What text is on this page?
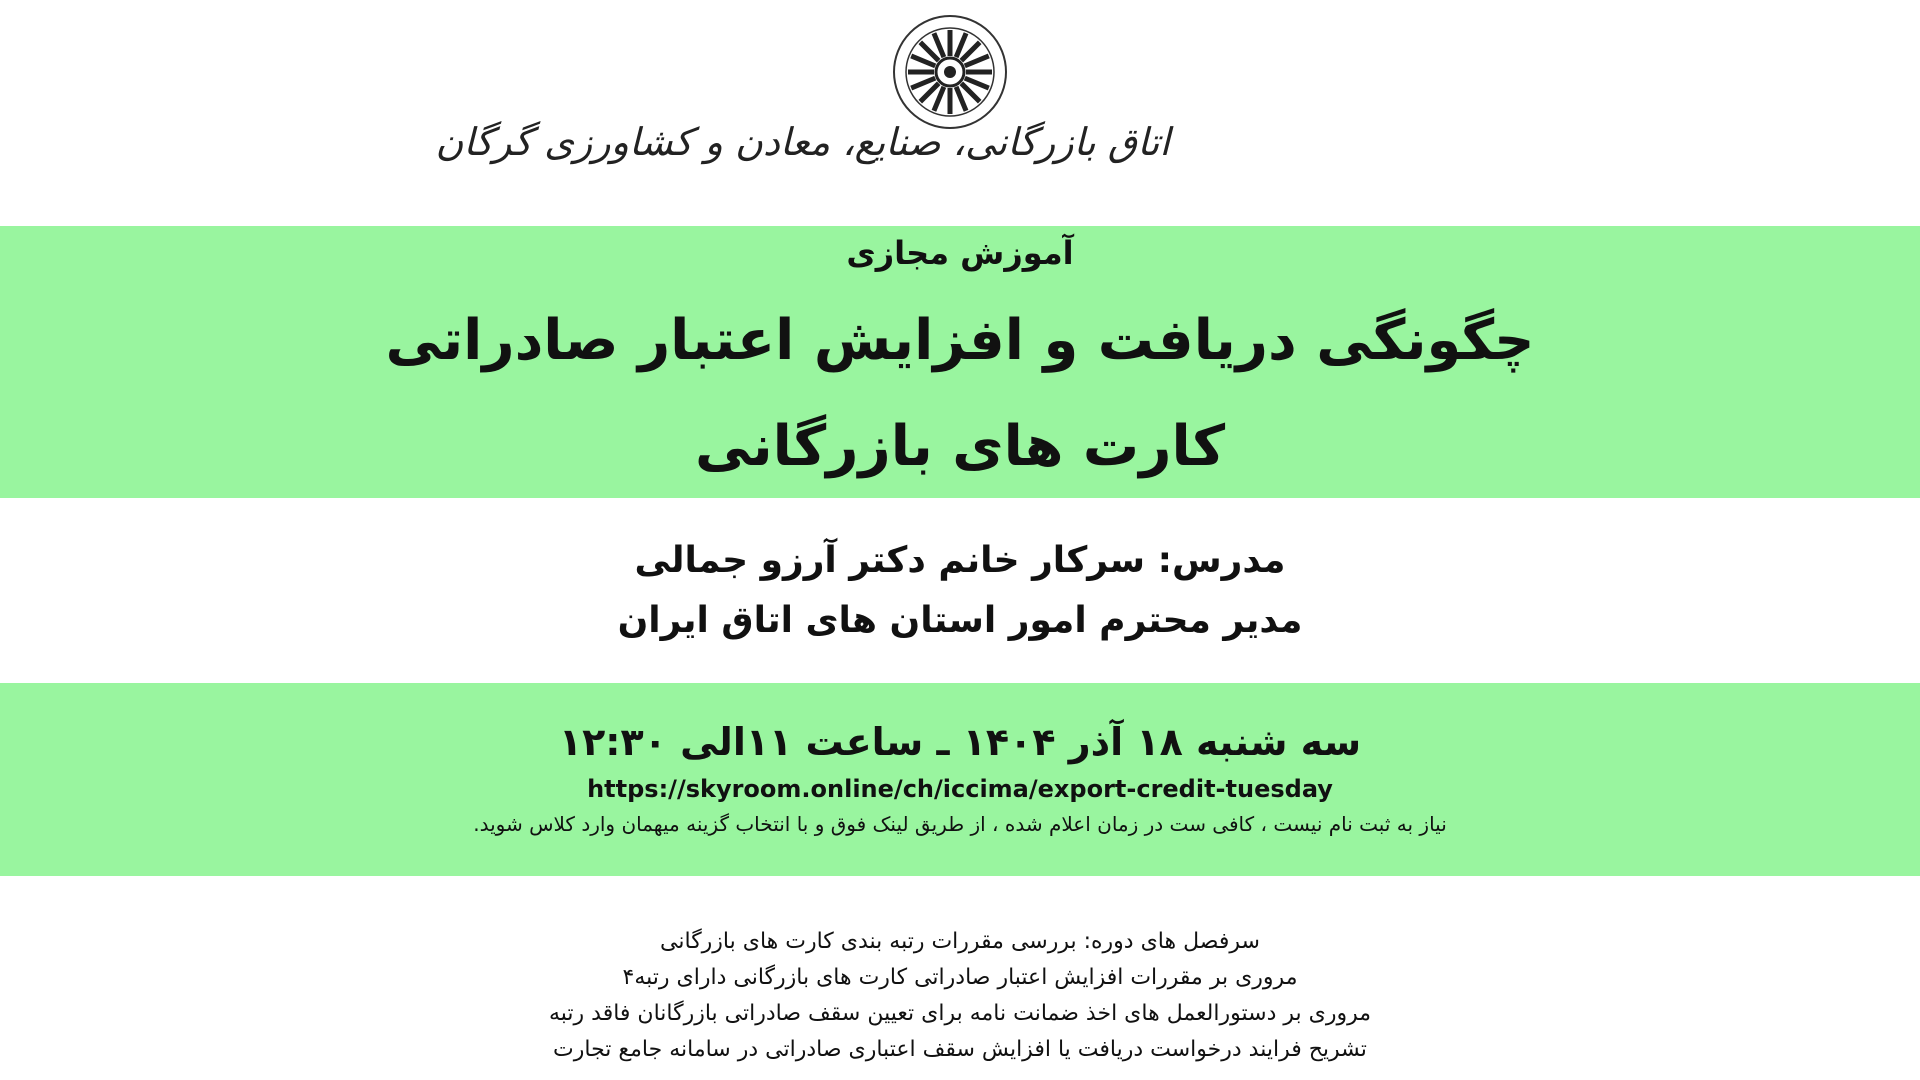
اتاق بازرگانی، صنایع، معادن و کشاورزی گرگان
آموزش مجازی
چگونگی دریافت و افزایش اعتبار صادراتی
کارت های بازرگانی
مدرس: سرکار خانم دکتر آرزو جمالی
مدیر محترم امور استان های اتاق ایران
سه شنبه ۱۸ آذر ۱۴۰۴ ـ ساعت ۱۱الی ۱۲:۳۰
https://skyroom.online/ch/iccima/export-credit-tuesday
نیاز به ثبت نام نیست ، کافی ست در زمان اعلام شده ، از طریق لینک فوق و با انتخاب گزینه میهمان وارد کلاس شوید.
سرفصل های دوره: بررسی مقررات رتبه بندی کارت های بازرگانی
مروری بر مقررات افزایش اعتبار صادراتی کارت های بازرگانی دارای رتبه۴
مروری بر دستورالعمل های اخذ ضمانت نامه برای تعیین سقف صادراتی بازرگانان فاقد رتبه
تشریح فرایند درخواست دریافت یا افزایش سقف اعتباری صادراتی در سامانه جامع تجارت
